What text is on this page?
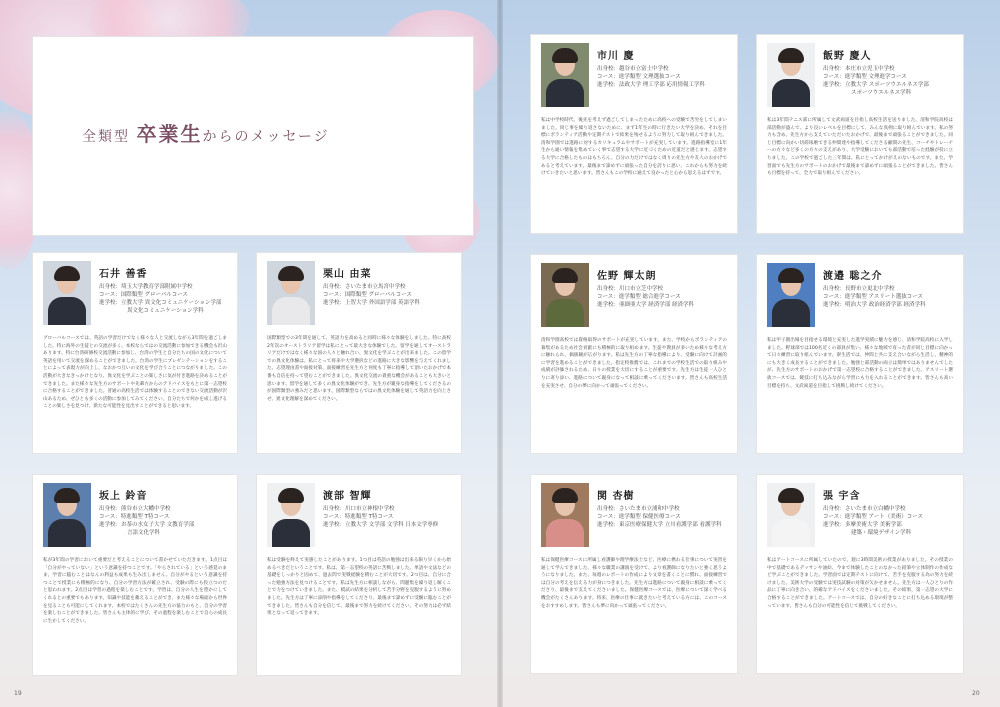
全類型 卒業生からのメッセージ
石井 善香
出身校：埼玉大学教育学部附属中学校
コース：国際類型 グローバルコース
進学校：立教大学 異文化コミュニケーション学部
異文化コミュニケーション学科
グローバルコースでは、英語の学習だけでなく様々な人と交流しながら3年間を過ごしました。特に海外の生徒との交流が多く、本校ならではの交流活動に参加できる機会も沢山あります。特に台湾研修校交流活動に参加し、台湾の学生と自分たちの国の文化について英語を用いて交流を深めることができました。台湾の学生にプレゼンテーションをすることによって表現力が向上し、なおかつ互いの文化を学び合うことにつながりました。この活動が大きなきっかけとなり、異文化を学ぶことの楽しさに気が付き進路を決めることができました。また様々な先生方のサポートや先輩方からのアドバイスをもとに第一志望校に合格することができました。普通の高校生活では体験することのできない交流活動が沢山あるため、ぜひとも多くの活動に参加してみてください。自分たちで何かを成し遂げることの楽しさを見つけ、新たな可能性を見出すことができると思います。
栗山 由菜
出身校：さいたま市立馬宮中学校
コース：国際類型 グローバルコース
進学校：上智大学 外国語学部 英語学科
国際類型での3年間を通して、英語力を高めると同時に様々な体験をしました。特に高校2年次のオーストラリア留学は私にとって最大きな体験でした。留学を通してオーストラリアだけではなく様々な国の人々と触れ合い、異文化を学ぶことが出来ました。この留学での異文化体験は、私にとって将来や大学選択などの進路に大きな影響を与えてくれました。志望理由書や面接対策、面接練習を先生方と何度も丁寧に指導して頂いたおかげで本番も自信を持って望むことができました。異文化交流の貴重な機会があることも大きいと思います。留学を通して多くの異文化体験ができ、先生方が親身な指導をしてくださるのが国際類型の強みだと思います。国際類型ならではの異文化体験を通して英語力を向上させ、異文化理解を深めてください。
坂上 鈴音
出身校：熊谷市立大幡中学校
コース：特進類型 T特コース
進学校：お茶の水女子大学 文教育学部
言語文化学科
私が3年間の学習において重要だと考えることについて書かせていただきます。1点目は「自分がやっていない」という意識を持つことです。「やらされている」という感覚のまま、学習に臨むことはなんの利益も成果も生み出しません。自分がやるという意識を持つことで授業にも積極的になり、自分の学習方法が確立され、受験の際にも役立つのだと思われます。2点目は学習の過程を楽しむことです。学習は、自分の人生を豊かにしてくれるとの重要でもあります。知識や技能を蓄えることができ、また様々な場面から世界を見ることも可能にしてくれます。本校ではたくさんの先生方の協力のもと、自分の学習を楽しむことができました。皆さんも主体的に学び、その過程を楽しむことで自らの成長に生かしてください。
渡部 智輝
出身校：川口市立神根中学校
コース：特進類型 T特コース
進学校：立教大学 文学部 文学科 日本文学専修
私は受験を終えて実感したことがあります。1つ目は英語の勉強は出来る限り早くから始めるべきだということです。私は、第一志望校の英語に苦戦しました。単語や文法などの基礎をしっかりと固めて、過去問で実戦経験を積むことが大切です。2つ目は、自分に合った勉強方法を見つけることです。私は先生方に相談しながら、問題集を繰り返し解くことで力をつけていきました。また、模試の結果を分析して苦手分野を克服するように努めました。先生方は丁寧に添削や指導をしてくださり、最後まで諦めずに受験に臨むことができました。皆さんも自分を信じて、最後まで努力を続けてください。その努力は必ず結果となって返ってきます。
19
市川 慶
出身校：越谷市立富士中学校
コース：進学類型 文理選抜コース
進学校：法政大学 理工学部 応用情報工学科
私は中学校時代、後先を考えず過ごしてしまったために高校への受験で苦労をしてしまいました。同じ事を繰り返さないために、まず1年生の時に行きたい大学を決め、それを目標にボランティア活動や定期テストで結果を残せるように努力して取り組んできました。清和学園では進路に対するカリキュラムやサポートが充実しています。進路指導室に1年生から通い情報を集めていく事で志望する大学に近づくための近道だと感じます。志望する大学に合格したものはもちろん、自分の力だけではなく周りの先生方や友人のおかげであると考えています。最後まで諦めずに頑張った自分を誇りに思い、これからも努力を続けていきたいと思います。皆さんもこの学校に通えて良かったと心から思えるはずです。
飯野 慶人
出身校：本庄市立児玉中学校
コース：進学類型 文理進学コース
進学校：立教大学 スポーツウエルネス学部
スポーツウエルネス学科
私は3年間テニス部に所属して文武両道を目指し高校生活を送りました。清和学院高校は部活動が盛んで、より良いレベルを目標にして、みんな真剣に取り組んでいます。私の努力も含め、先生方から支えていただいたおかげで、最後まで頑張ることができました。同じ目標に向かい切磋琢磨できる仲間達や指導してくださる顧問の先生、コーチやトレーナーの方々など多くの方々の支えがあり、大学受験においても部活動で培った経験が役に立ちました。この学校で過ごした三年間は、私にとってかけがえのないものです。また、学習面でも先生方のサポートのおかげで最後まで諦めずに頑張ることができました。皆さんも目標を持って、全力で取り組んでください。
佐野 輝太朗
出身校：川口市立芝中学校
コース：進学類型 総合進学コース
進学校：亜細亜大学 経済学部 経済学科
清和学園高校では資格取得のサポートが充実しています。また、学校からボランティアの募集があるため社会貢献にも積極的に取り組めます。生徒や教員が多いため様々な考え方に触れられ、価値観が広がります。私は先生方の丁寧な指導により、受験に向けて計画的に学習を進めることができました。指定校推薦では、これまでの学校生活での取り組みや成績が評価されるため、日々の授業を大切にすることが重要です。先生方は生徒一人ひとりに寄り添い、進路について親身になって相談に乗ってくださいます。皆さんも高校生活を充実させ、自分の夢に向かって頑張ってください。
渡邉 聡之介
出身校：長野市立更北中学校
コース：進学類型 アスリート選抜コース
進学校：明治大学 政治経済学部 経済学科
私は甲子園出場を目指せる環境と充実した進学実績に魅力を感じ、清和学院高校に入学しました。野球部では100名近くの部員が集い、様々な地域で育った者が同じ目標に向かって日々練習に取り組んでいます。寮生活では、仲間と共に支え合いながら生活し、精神的にも大きく成長することができました。勉強と部活動の両立は簡単ではありませんでしたが、先生方のサポートのおかげで第一志望校に合格することができました。アスリート選抜コースでは、競技に打ち込みながら学習にも力を入れることができます。皆さんも高い目標を持ち、文武両道を目指して挑戦し続けてください。
関 杏樹
出身校：さいたま市立浦和中学校
コース：進学類型 保健医療コース
進学校：東京医療保健大学 立川看護学部 看護学科
私は保健医療コースに所属し看護師や理学療法士など、医療に携わる仕事について実習を通して学んできました。様々な職業の講演を受けて、より看護師になりたいと強く思うようになりました。また、毎週のレポートの作成により文章を書くことに慣れ、面接練習では自分の考えを伝える力が身につきました。先生方は進路について親身に相談に乗ってくださり、最後まで支えてくださいました。保健医療コースでは、医療について深く学べる機会がたくさんあります。将来、医療の仕事に就きたいと考えている方には、このコースをおすすめします。皆さんも夢に向かって頑張ってください。
張 宇含
出身校：さいたま市立白幡中学校
コース：進学類型 アート（美術）コース
進学校：多摩美術大学 美術学部
建築・環境デザイン学科
私はアートコースに所属していたので、週に3時間美術の授業がありました。その授業の中で基礎であるデッサンや油絵、今まで体験したことのなかった鉛筆や立体制作の作成など学ぶことができました。学習面では定期テストに向けて、苦手を克服する為の努力を続けました。美術大学の受験では実技試験の対策が欠かせません。先生方は一人ひとりの作品に丁寧に向き合い、的確なアドバイスをくださいました。その結果、第一志望の大学に合格することができました。アートコースでは、自分の好きなことに打ち込める環境が整っています。皆さんも自分の可能性を信じて挑戦してください。
20
